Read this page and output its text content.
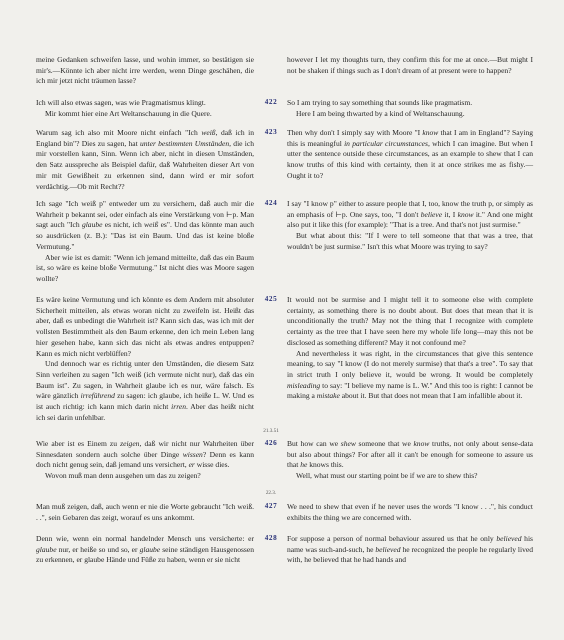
meine Gedanken schweifen lasse, und wohin immer, so bestätigen sie mir's.—Könnte ich aber nicht irre werden, wenn Dinge geschähen, die ich mir jetzt nicht träumen lasse?

however I let my thoughts turn, they confirm this for me at once.—But might I not be shaken if things such as I don't dream of at present were to happen?

422

Ich will also etwas sagen, was wie Pragmatismus klingt.

Mir kommt hier eine Art Weltanschauung in die Quere.

So I am trying to say something that sounds like pragmatism.

Here I am being thwarted by a kind of Weltanschauung.

423

Warum sag ich also mit Moore nicht einfach "Ich weiß, daß ich in England bin"? Dies zu sagen, hat unter bestimmten Umständen, die ich mir vorstellen kann, Sinn. Wenn ich aber, nicht in diesen Umständen, den Satz ausspreche als Beispiel dafür, daß Wahrheiten dieser Art von mir mit Gewißheit zu erkennen sind, dann wird er mir sofort verdächtig.—Ob mit Recht??

Then why don't I simply say with Moore "I know that I am in England"? Saying this is meaningful in particular circumstances, which I can imagine. But when I utter the sentence outside these circumstances, as an example to shew that I can know truths of this kind with certainty, then it at once strikes me as fishy.—Ought it to?

424

Ich sage "Ich weiß p" entweder um zu versichern, daß auch mir die Wahrheit p bekannt sei, oder einfach als eine Verstärkung von ⊢p. Man sagt auch "Ich glaube es nicht, ich weiß es". Und das könnte man auch so ausdrücken (z. B.): "Das ist ein Baum. Und das ist keine bloße Vermutung."

Aber wie ist es damit: "Wenn ich jemand mitteilte, daß das ein Baum ist, so wäre es keine bloße Vermutung." Ist nicht dies was Moore sagen wollte?

I say "I know p" either to assure people that I, too, know the truth p, or simply as an emphasis of ⊢p. One says, too, "I don't believe it, I know it." And one might also put it like this (for example): "That is a tree. And that's not just surmise."

But what about this: "If I were to tell someone that that was a tree, that wouldn't be just surmise." Isn't this what Moore was trying to say?

425

Es wäre keine Vermutung und ich könnte es dem Andern mit absoluter Sicherheit mitteilen, als etwas woran nicht zu zweifeln ist. Heißt das aber, daß es unbedingt die Wahrheit ist? Kann sich das, was ich mit der vollsten Bestimmtheit als den Baum erkenne, den ich mein Leben lang hier gesehen habe, kann sich das nicht als etwas andres entpuppen? Kann es mich nicht verblüffen?

Und dennoch war es richtig unter den Umständen, die diesem Satz Sinn verleihen zu sagen "Ich weiß (ich vermute nicht nur), daß das ein Baum ist". Zu sagen, in Wahrheit glaube ich es nur, wäre falsch. Es wäre gänzlich irreführend zu sagen: ich glaube, ich heiße L. W. Und es ist auch richtig: ich kann mich darin nicht irren. Aber das heißt nicht ich sei darin unfehlbar.

It would not be surmise and I might tell it to someone else with complete certainty, as something there is no doubt about. But does that mean that it is unconditionally the truth? May not the thing that I recognize with complete certainty as the tree that I have seen here my whole life long—may this not be disclosed as something different? May it not confound me?

And nevertheless it was right, in the circumstances that give this sentence meaning, to say "I know (I do not merely surmise) that that's a tree". To say that in strict truth I only believe it, would be wrong. It would be completely misleading to say: "I believe my name is L. W." And this too is right: I cannot be making a mistake about it. But that does not mean that I am infallible about it.

21.3.51
426

Wie aber ist es Einem zu zeigen, daß wir nicht nur Wahrheiten über Sinnesdaten sondern auch solche über Dinge wissen? Denn es kann doch nicht genug sein, daß jemand uns versichert, er wisse dies.

Wovon muß man denn ausgehen um das zu zeigen?

But how can we shew someone that we know truths, not only about sense-data but also about things? For after all it can't be enough for someone to assure us that he knows this.

Well, what must our starting point be if we are to shew this?

22.3.
427

Man muß zeigen, daß, auch wenn er nie die Worte gebraucht "Ich weiß. . .", sein Gebaren das zeigt, worauf es uns ankommt.

We need to shew that even if he never uses the words "I know . . .", his conduct exhibits the thing we are concerned with.

428

Denn wie, wenn ein normal handelnder Mensch uns versicherte: er glaube nur, er heiße so und so, er glaube seine ständigen Hausgenossen zu erkennen, er glaube Hände und Füße zu haben, wenn er sie nicht

For suppose a person of normal behaviour assured us that he only believed his name was such-and-such, he believed he recognized the people he regularly lived with, he believed that he had hands and
